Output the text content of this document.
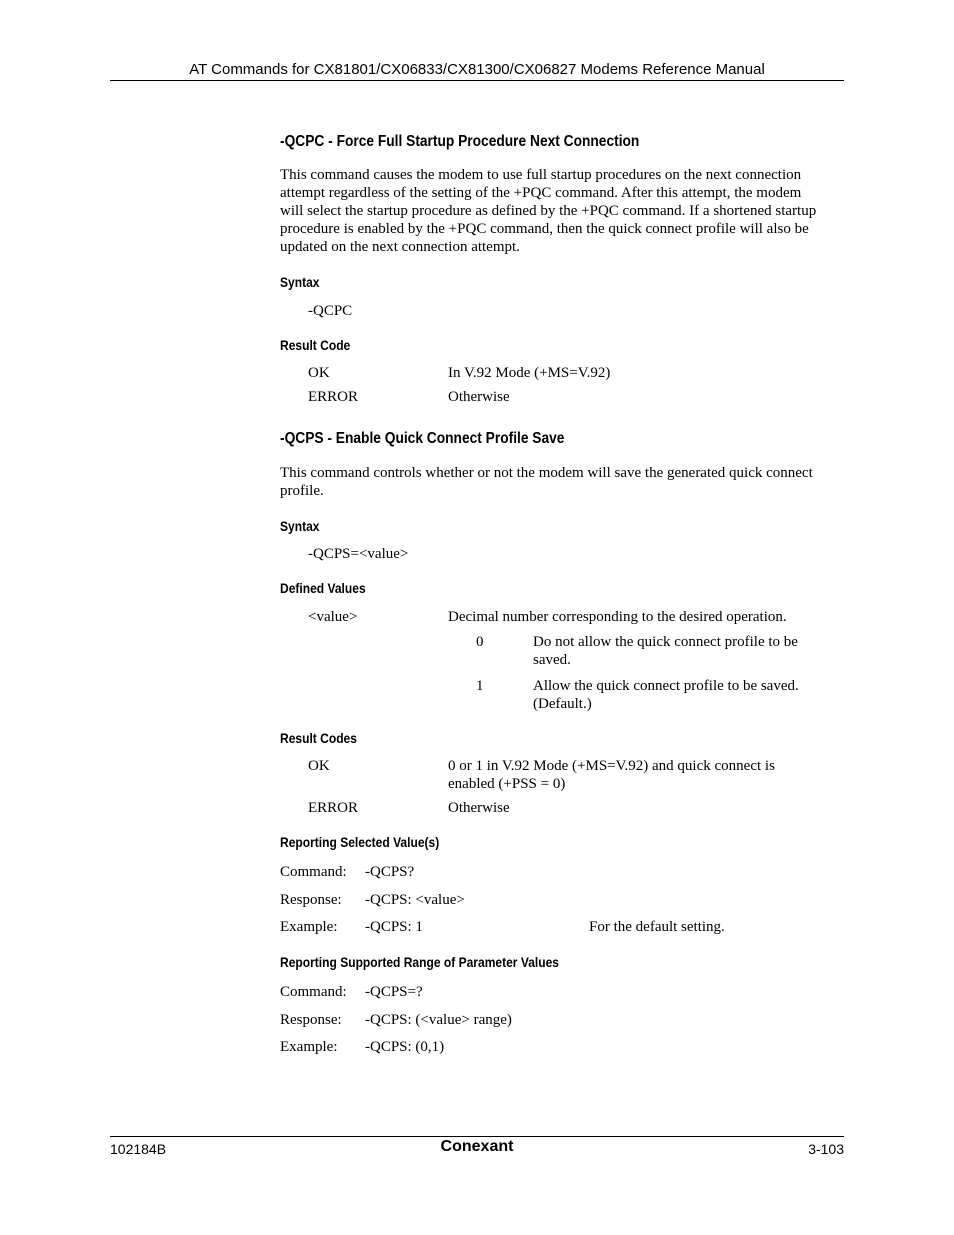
AT Commands for CX81801/CX06833/CX81300/CX06827 Modems Reference Manual
-QCPC - Force Full Startup Procedure Next Connection
This command causes the modem to use full startup procedures on the next connection
attempt regardless of the setting of the +PQC command. After this attempt, the modem
will select the startup procedure as defined by the +PQC command. If a shortened startup
procedure is enabled by the +PQC command, then the quick connect profile will also be
updated on the next connection attempt.
Syntax
-QCPC
Result Code
OK	In V.92 Mode (+MS=V.92)
ERROR	Otherwise
-QCPS - Enable Quick Connect Profile Save
This command controls whether or not the modem will save the generated quick connect
profile.
Syntax
-QCPS=<value>
Defined Values
<value>	Decimal number corresponding to the desired operation.
0	Do not allow the quick connect profile to be
saved.
1	Allow the quick connect profile to be saved.
(Default.)
Result Codes
OK	0 or 1 in V.92 Mode (+MS=V.92) and quick connect is
enabled (+PSS = 0)
ERROR	Otherwise
Reporting Selected Value(s)
Command: -QCPS?
Response: -QCPS: <value>
Example: -QCPS: 1	For the default setting.
Reporting Supported Range of Parameter Values
Command: -QCPS=?
Response: -QCPS: (<value> range)
Example: -QCPS: (0,1)
102184B	Conexant	3-103
